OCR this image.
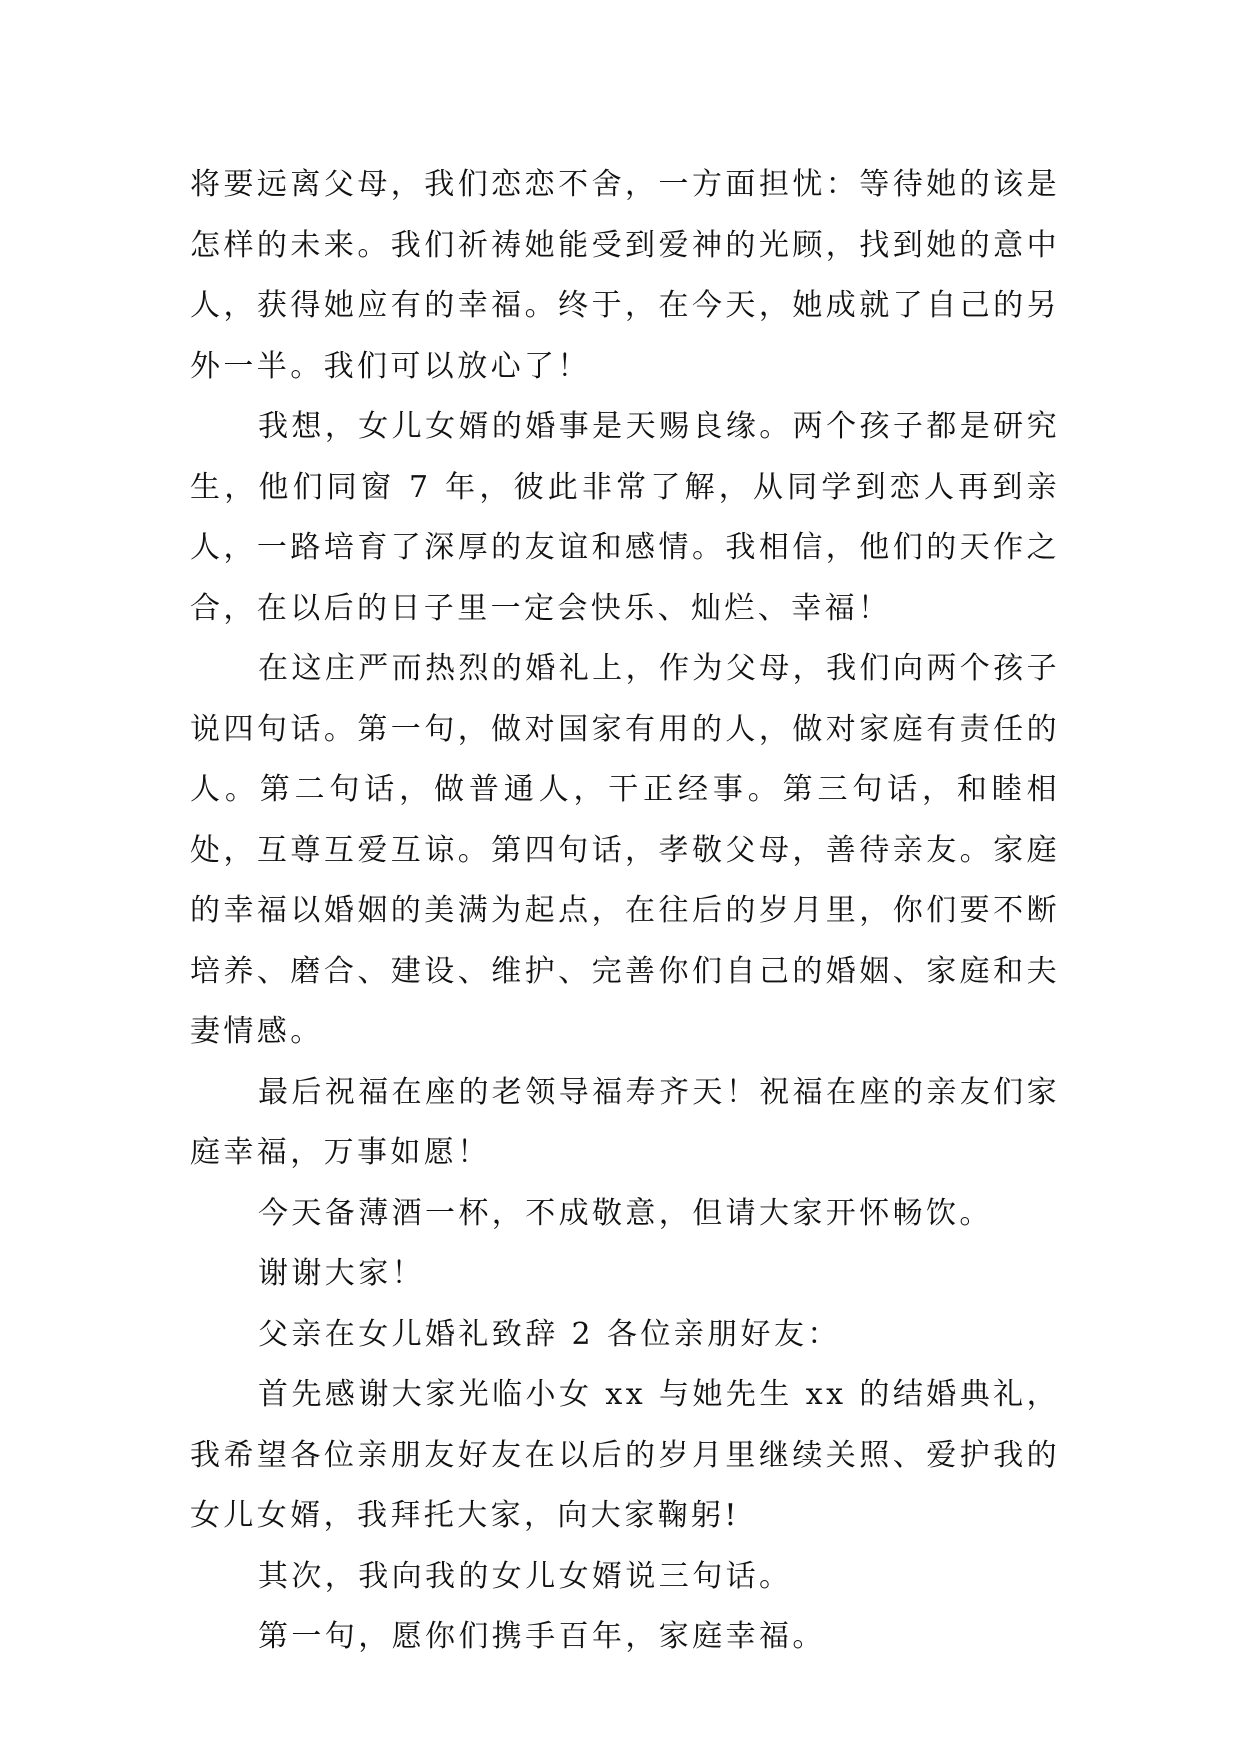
将要远离父母，我们恋恋不舍，一方面担忧：等待她的该是怎样的未来。我们祈祷她能受到爱神的光顾，找到她的意中人，获得她应有的幸福。终于，在今天，她成就了自己的另外一半。我们可以放心了！

我想，女儿女婿的婚事是天赐良缘。两个孩子都是研究生，他们同窗 7 年，彼此非常了解，从同学到恋人再到亲人，一路培育了深厚的友谊和感情。我相信，他们的天作之合，在以后的日子里一定会快乐、灿烂、幸福！

在这庄严而热烈的婚礼上，作为父母，我们向两个孩子说四句话。第一句，做对国家有用的人，做对家庭有责任的人。第二句话，做普通人，干正经事。第三句话，和睦相处，互尊互爱互谅。第四句话，孝敬父母，善待亲友。家庭的幸福以婚姻的美满为起点，在往后的岁月里，你们要不断培养、磨合、建设、维护、完善你们自己的婚姻、家庭和夫妻情感。

最后祝福在座的老领导福寿齐天！祝福在座的亲友们家庭幸福，万事如愿！

今天备薄酒一杯，不成敬意，但请大家开怀畅饮。

谢谢大家！

父亲在女儿婚礼致辞 2 各位亲朋好友：

首先感谢大家光临小女 xx 与她先生 xx 的结婚典礼，我希望各位亲朋友好友在以后的岁月里继续关照、爱护我的女儿女婿，我拜托大家，向大家鞠躬!

其次，我向我的女儿女婿说三句话。

第一句，愿你们携手百年，家庭幸福。
